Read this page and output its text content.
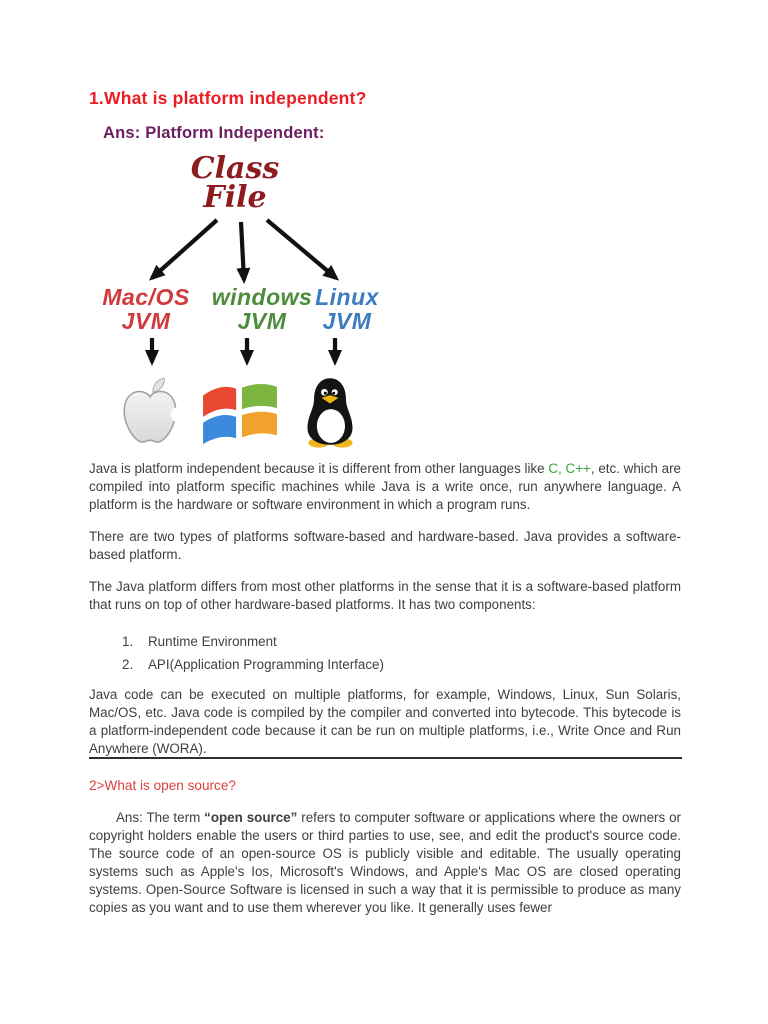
1.What is platform independent?
Ans: Platform Independent:
Class
File
Mac/OS
JVM
windows
JVM
Linux
JVM

Java is platform independent because it is different from other languages like C, C++, etc. which are compiled into platform specific machines while Java is a write once, run anywhere language. A platform is the hardware or software environment in which a program runs.

There are two types of platforms software-based and hardware-based. Java provides a software-based platform.

The Java platform differs from most other platforms in the sense that it is a software-based platform that runs on top of other hardware-based platforms. It has two components:

1. Runtime Environment
2. API(Application Programming Interface)

Java code can be executed on multiple platforms, for example, Windows, Linux, Sun Solaris, Mac/OS, etc. Java code is compiled by the compiler and converted into bytecode. This bytecode is a platform-independent code because it can be run on multiple platforms, i.e., Write Once and Run Anywhere (WORA).

2>What is open source?

Ans: The term “open source” refers to computer software or applications where the owners or copyright holders enable the users or third parties to use, see, and edit the product's source code. The source code of an open-source OS is publicly visible and editable. The usually operating systems such as Apple's Ios, Microsoft's Windows, and Apple's Mac OS are closed operating systems. Open-Source Software is licensed in such a way that it is permissible to produce as many copies as you want and to use them wherever you like. It generally uses fewer
